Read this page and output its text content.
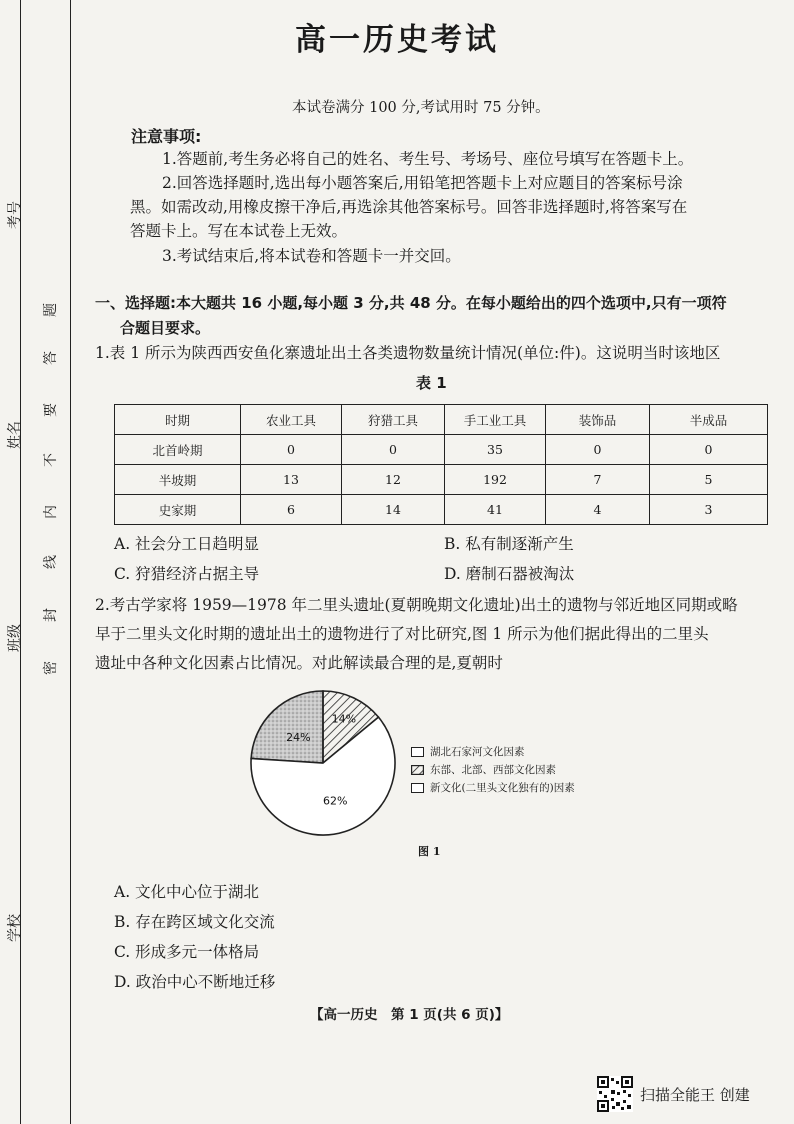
考号
姓名
班级
学校
题
答
要
不
内
线
封
密
高一历史考试
本试卷满分 100 分,考试用时 75 分钟。
注意事项:
1.答题前,考生务必将自己的姓名、考生号、考场号、座位号填写在答题卡上。
2.回答选择题时,选出每小题答案后,用铅笔把答题卡上对应题目的答案标号涂
黑。如需改动,用橡皮擦干净后,再选涂其他答案标号。回答非选择题时,将答案写在
答题卡上。写在本试卷上无效。
3.考试结束后,将本试卷和答题卡一并交回。
一、选择题:本大题共 16 小题,每小题 3 分,共 48 分。在每小题给出的四个选项中,只有一项符
合题目要求。
1.表 1 所示为陕西西安鱼化寨遗址出土各类遗物数量统计情况(单位:件)。这说明当时该地区
表 1
时期	农业工具	狩猎工具	手工业工具	装饰品	半成品
北首岭期	0	0	35	0	0
半坡期	13	12	192	7	5
史家期	6	14	41	4	3
A. 社会分工日趋明显	B. 私有制逐渐产生
C. 狩猎经济占据主导	D. 磨制石器被淘汰
2.考古学家将 1959—1978 年二里头遗址(夏朝晚期文化遗址)出土的遗物与邻近地区同期或略
早于二里头文化时期的遗址出土的遗物进行了对比研究,图 1 所示为他们据此得出的二里头
遗址中各种文化因素占比情况。对此解读最合理的是,夏朝时
24%
14%
62%
湖北石家河文化因素
东部、北部、西部文化因素
新文化(二里头文化独有的)因素
图 1
A. 文化中心位于湖北
B. 存在跨区域文化交流
C. 形成多元一体格局
D. 政治中心不断地迁移
【高一历史　第 1 页(共 6 页)】
扫描全能王 创建
